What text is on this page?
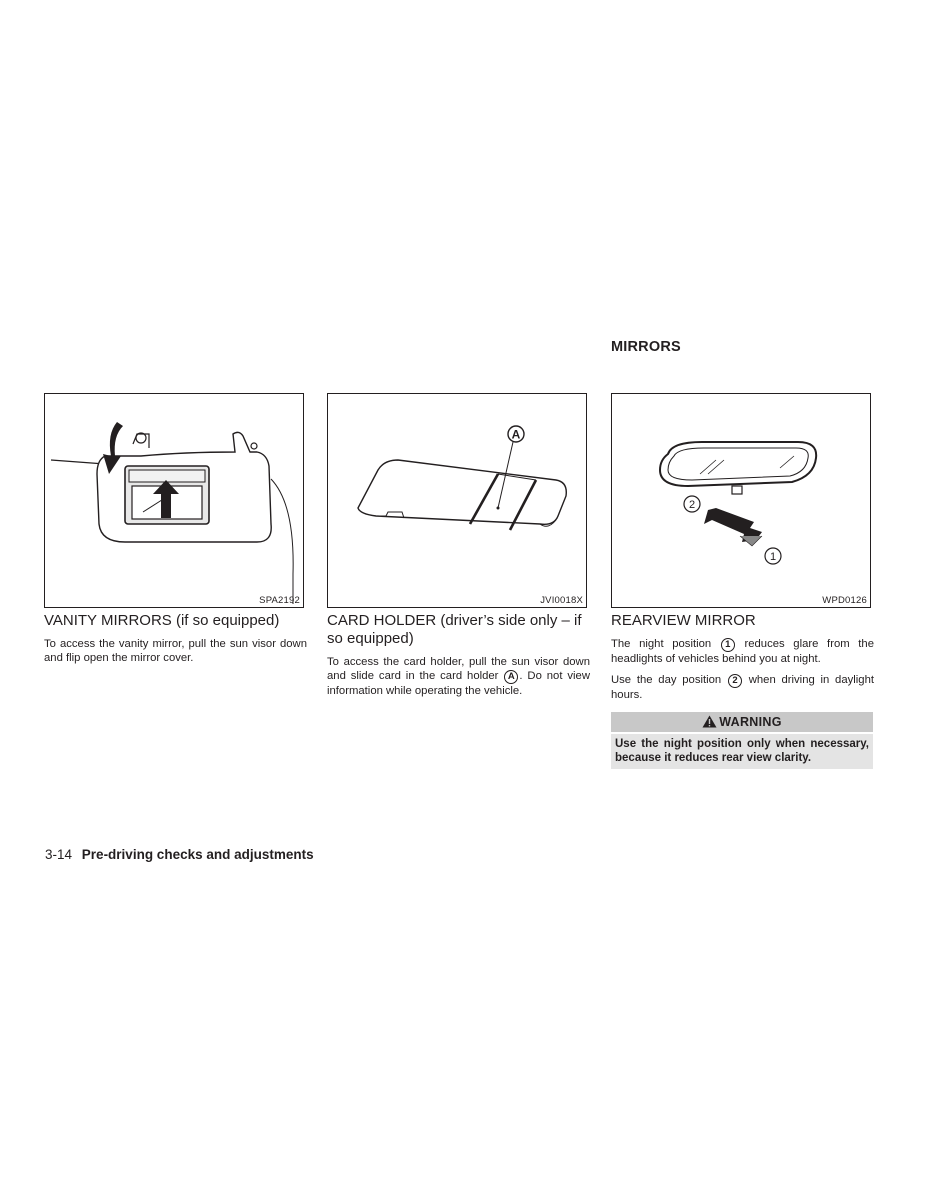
MIRRORS
SPA2192
A
JVI0018X
2
1
WPD0126
VANITY MIRRORS (if so equipped)

To access the vanity mirror, pull the sun visor down and flip open the mirror cover.

CARD HOLDER (driver’s side only – if so equipped)

To access the card holder, pull the sun visor down and slide card in the card holder A . Do not view information while operating the vehicle.

REARVIEW MIRROR

The night position 1 reduces glare from the headlights of vehicles behind you at night.

Use the day position 2 when driving in daylight hours.

WARNING
Use the night position only when necessary, because it reduces rear view clarity.
3-14 Pre-driving checks and adjustments
